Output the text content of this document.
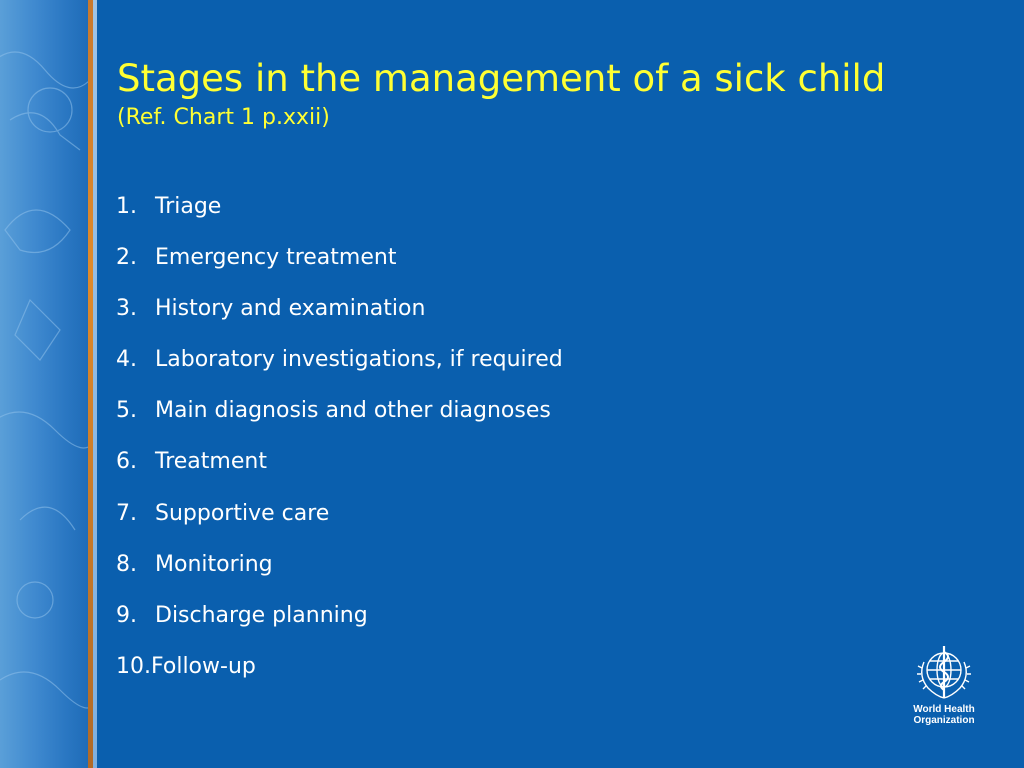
Stages in the management of a sick child
(Ref. Chart 1 p.xxii)
1. Triage
2. Emergency treatment
3. History and examination
4. Laboratory investigations, if required
5. Main diagnosis and other diagnoses
6. Treatment
7. Supportive care
8. Monitoring
9. Discharge planning
10. Follow-up
World Health
Organization
